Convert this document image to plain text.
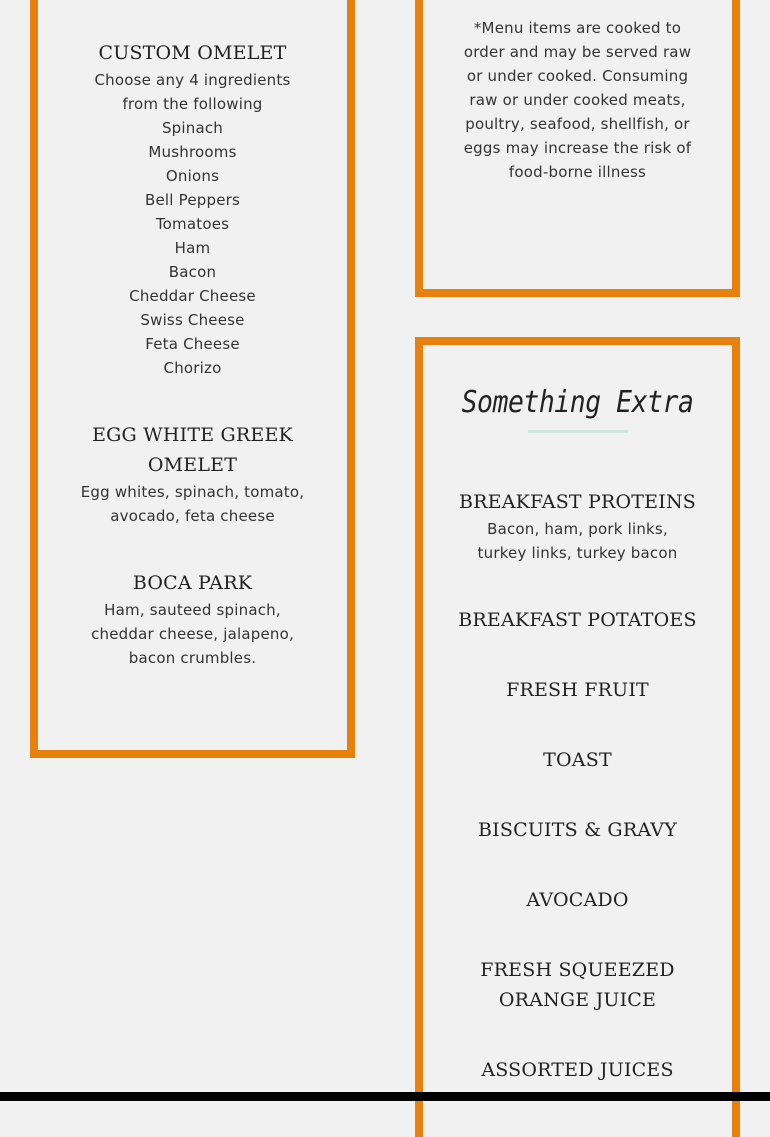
CUSTOM OMELET

Choose any 4 ingredients from the following

Spinach
Mushrooms
Onions
Bell Peppers
Tomatoes
Ham
Bacon
Cheddar Cheese
Swiss Cheese
Feta Cheese
Chorizo
EGG WHITE GREEK OMELET

Egg whites, spinach, tomato, avocado, feta cheese

BOCA PARK

Ham, sauteed spinach, cheddar cheese, jalapeno, bacon crumbles.

*Menu items are cooked to order and may be served raw or under cooked. Consuming raw or under cooked meats, poultry, seafood, shellfish, or eggs may increase the risk of food-borne illness

Something Extra
BREAKFAST PROTEINS

Bacon, ham, pork links, turkey links, turkey bacon

BREAKFAST POTATOES
FRESH FRUIT
TOAST
BISCUITS & GRAVY
AVOCADO
FRESH SQUEEZED ORANGE JUICE
ASSORTED JUICES
